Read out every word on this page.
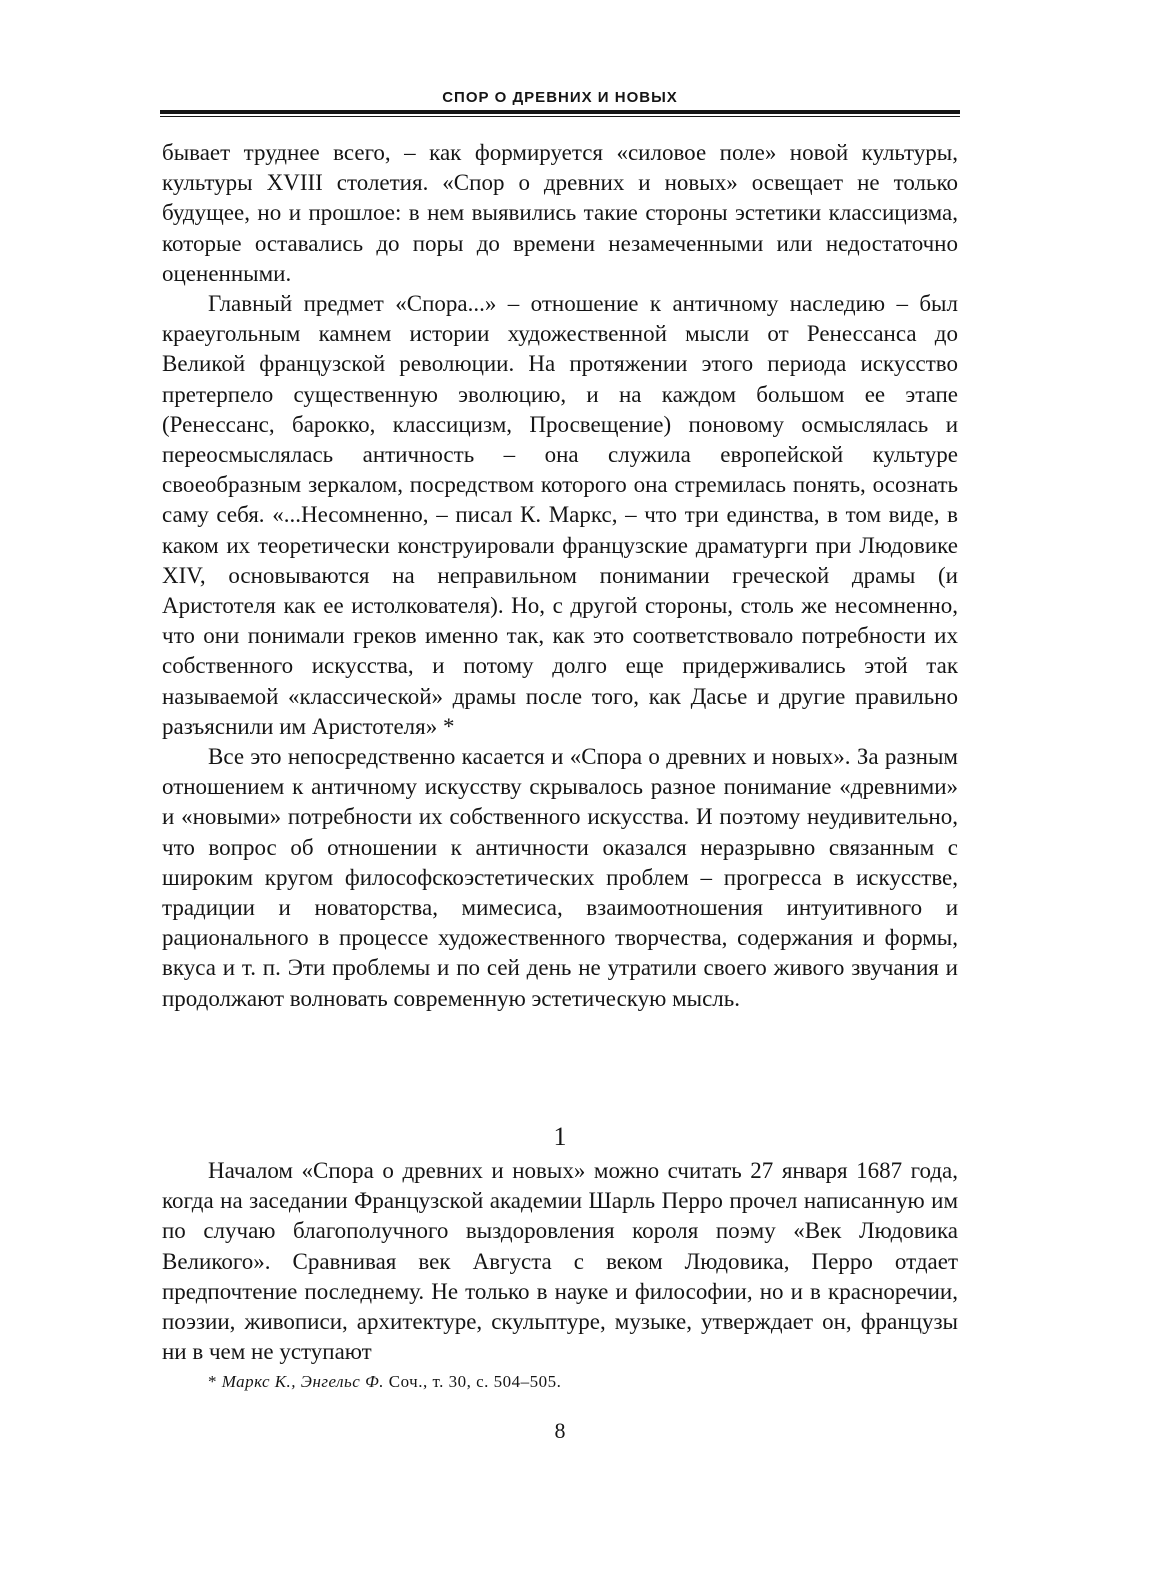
СПОР О ДРЕВНИХ И НОВЫХ

бывает труднее всего, – как формируется «силовое поле» новой культуры, культуры XVIII столетия. «Спор о древних и новых» освещает не только будущее, но и прошлое: в нем выявились такие стороны эстетики классицизма, которые оставались до поры до времени незамеченными или недостаточно оцененными.

Главный предмет «Спора...» – отношение к античному наследию – был краеугольным камнем истории художественной мысли от Ренессанса до Великой французской революции. На протяжении этого периода искусство претерпело существенную эволюцию, и на каждом большом ее этапе (Ренессанс, барокко, классицизм, Просвещение) поновому осмыслялась и переосмыслялась античность – она служила европейской культуре своеобразным зеркалом, посредством которого она стремилась понять, осознать саму себя. «...Несомненно, – писал К. Маркс, – что три единства, в том виде, в каком их теоретически конструировали французские драматурги при Людовике XIV, основываются на неправильном понимании греческой драмы (и Аристотеля как ее истолкователя). Но, с другой стороны, столь же несомненно, что они понимали греков именно так, как это соответствовало потребности их собственного искусства, и потому долго еще придерживались этой так называемой «классической» драмы после того, как Дасье и другие правильно разъяснили им Аристотеля» *

Все это непосредственно касается и «Спора о древних и новых». За разным отношением к античному искусству скрывалось разное понимание «древними» и «новыми» потребности их собственного искусства. И поэтому неудивительно, что вопрос об отношении к античности оказался неразрывно связанным с широким кругом философскоэстетических проблем – прогресса в искусстве, традиции и новаторства, мимесиса, взаимоотношения интуитивного и рационального в процессе художественного творчества, содержания и формы, вкуса и т. п. Эти проблемы и по сей день не утратили своего живого звучания и продолжают волновать современную эстетическую мысль.

1

Началом «Спора о древних и новых» можно считать 27 января 1687 года, когда на заседании Французской академии Шарль Перро прочел написанную им по случаю благополучного выздоровления короля поэму «Век Людовика Великого». Сравнивая век Августа с веком Людовика, Перро отдает предпочтение последнему. Не только в науке и философии, но и в красноречии, поэзии, живописи, архитектуре, скульптуре, музыке, утверждает он, французы ни в чем не уступают

* Маркс К., Энгельс Ф. Соч., т. 30, с. 504–505.
8
